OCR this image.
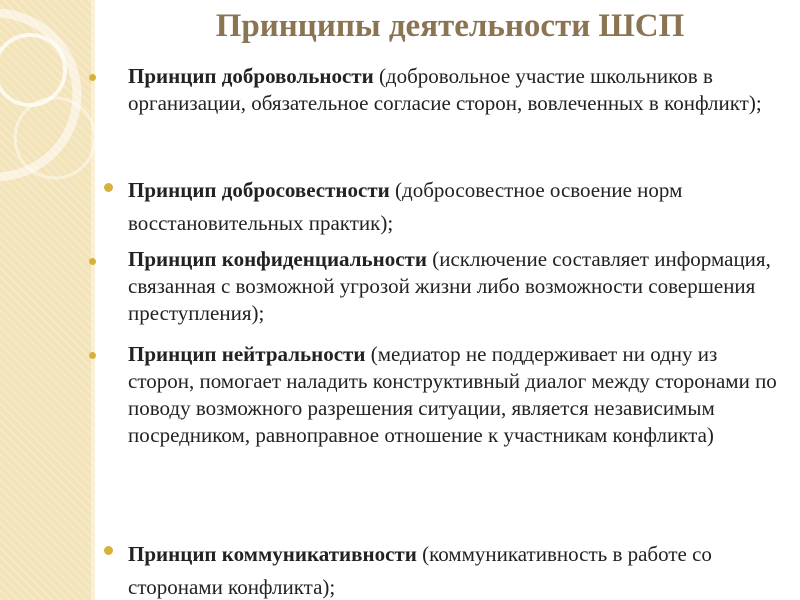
Принципы деятельности ШСП
Принцип добровольности (добровольное участие школьников в организации, обязательное согласие сторон, вовлеченных в конфликт);
Принцип добросовестности (добросовестное освоение норм восстановительных практик);
Принцип конфиденциальности (исключение составляет информация, связанная с возможной угрозой жизни либо возможности совершения преступления);
Принцип нейтральности (медиатор не поддерживает ни одну из сторон, помогает наладить конструктивный диалог между сторонами по поводу возможного разрешения ситуации, является независимым посредником, равноправное отношение к участникам конфликта)
Принцип коммуникативности (коммуникативность в работе со сторонами конфликта);
